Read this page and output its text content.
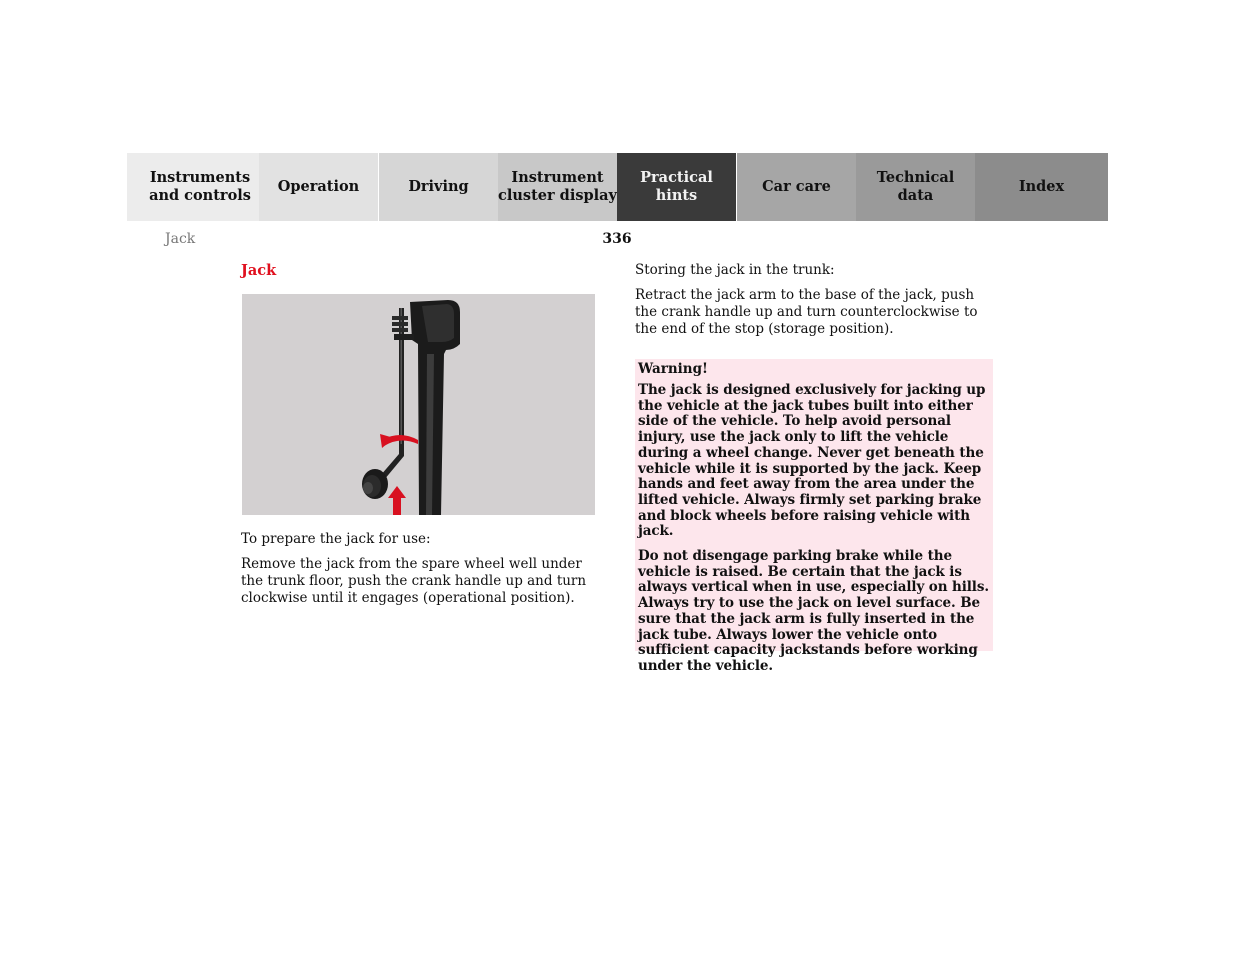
Instruments
and controls
Operation	Driving
Instrument
cluster display
Practical hints
Car care
Technical
data
Index
Jack	336
Jack

To prepare the jack for use:

Remove the jack from the spare wheel well under the trunk floor, push the crank handle up and turn clockwise until it engages (operational position).

Storing the jack in the trunk:

Retract the jack arm to the base of the jack, push the crank handle up and turn counterclockwise to the end of the stop (storage position).

Warning!

The jack is designed exclusively for jacking up the vehicle at the jack tubes built into either side of the vehicle. To help avoid personal injury, use the jack only to lift the vehicle during a wheel change. Never get beneath the vehicle while it is supported by the jack. Keep hands and feet away from the area under the lifted vehicle. Always firmly set parking brake and block wheels before raising vehicle with jack.

Do not disengage parking brake while the vehicle is raised. Be certain that the jack is always vertical when in use, especially on hills. Always try to use the jack on level surface. Be sure that the jack arm is fully inserted in the jack tube. Always lower the vehicle onto sufficient capacity jackstands before working under the vehicle.
